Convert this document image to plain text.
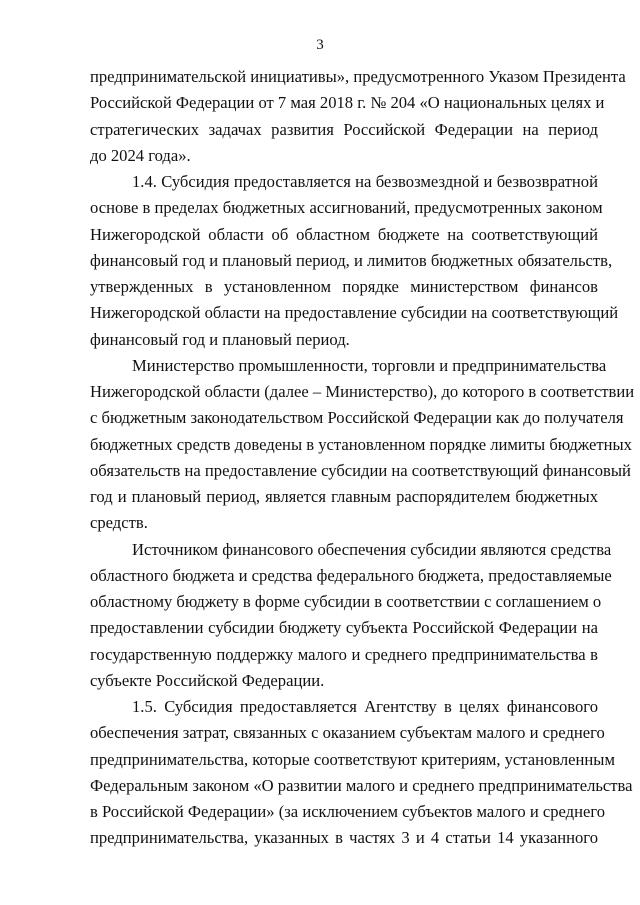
3

предпринимательской инициативы», предусмотренного Указом Президента
Российской Федерации от 7 мая 2018 г. № 204 «О национальных целях и
стратегических задачах развития Российской Федерации на период
до 2024 года».

1.4. Субсидия предоставляется на безвозмездной и безвозвратной
основе в пределах бюджетных ассигнований, предусмотренных законом
Нижегородской области об областном бюджете на соответствующий
финансовый год и плановый период, и лимитов бюджетных обязательств,
утвержденных в установленном порядке министерством финансов
Нижегородской области на предоставление субсидии на соответствующий
финансовый год и плановый период.

Министерство промышленности, торговли и предпринимательства
Нижегородской области (далее – Министерство), до которого в соответствии
с бюджетным законодательством Российской Федерации как до получателя
бюджетных средств доведены в установленном порядке лимиты бюджетных
обязательств на предоставление субсидии на соответствующий финансовый
год и плановый период, является главным распорядителем бюджетных
средств.

Источником финансового обеспечения субсидии являются средства
областного бюджета и средства федерального бюджета, предоставляемые
областному бюджету в форме субсидии в соответствии с соглашением о
предоставлении субсидии бюджету субъекта Российской Федерации на
государственную поддержку малого и среднего предпринимательства в
субъекте Российской Федерации.

1.5. Субсидия предоставляется Агентству в целях финансового
обеспечения затрат, связанных с оказанием субъектам малого и среднего
предпринимательства, которые соответствуют критериям, установленным
Федеральным законом «О развитии малого и среднего предпринимательства
в Российской Федерации» (за исключением субъектов малого и среднего
предпринимательства, указанных в частях 3 и 4 статьи 14 указанного
